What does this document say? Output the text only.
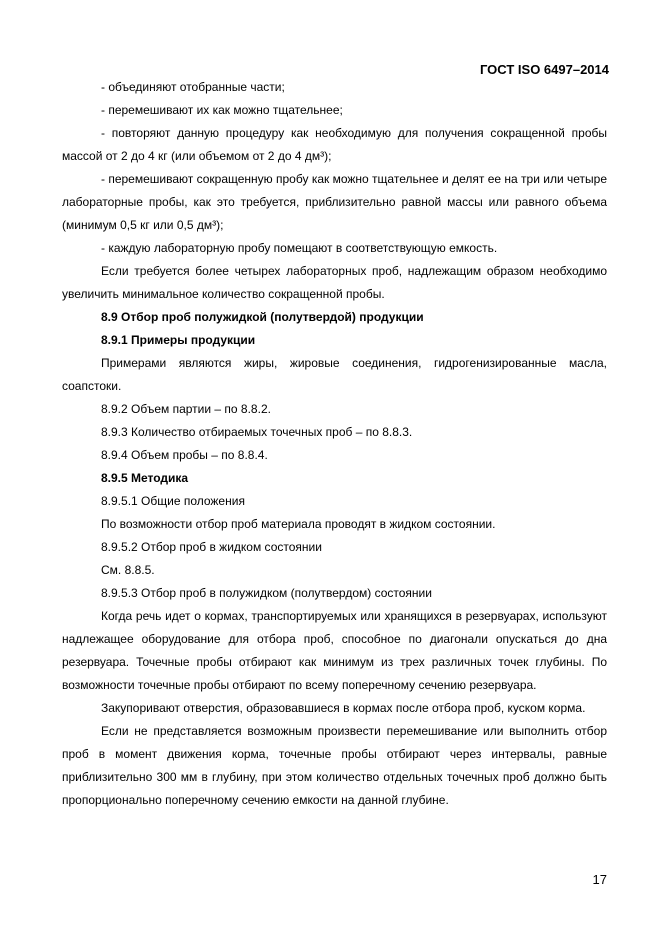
ГОСТ ISO 6497–2014

- объединяют отобранные части;

- перемешивают их как можно тщательнее;

- повторяют данную процедуру как необходимую для получения сокращенной пробы массой от 2 до 4 кг (или объемом от 2 до 4 дм³);

- перемешивают сокращенную пробу как можно тщательнее и делят ее на три или четыре лабораторные пробы, как это требуется, приблизительно равной массы или равного объема (минимум 0,5 кг или 0,5 дм³);

- каждую лабораторную пробу помещают в соответствующую емкость.

Если требуется более четырех лабораторных проб, надлежащим образом необходимо увеличить минимальное количество сокращенной пробы.

8.9 Отбор проб полужидкой (полутвердой) продукции

8.9.1 Примеры продукции

Примерами являются жиры, жировые соединения, гидрогенизированные масла, соапстоки.

8.9.2 Объем партии – по 8.8.2.

8.9.3 Количество отбираемых точечных проб – по 8.8.3.

8.9.4 Объем пробы – по 8.8.4.

8.9.5 Методика

8.9.5.1 Общие положения

По возможности отбор проб материала проводят в жидком состоянии.

8.9.5.2 Отбор проб в жидком состоянии

См. 8.8.5.

8.9.5.3 Отбор проб в полужидком (полутвердом) состоянии

Когда речь идет о кормах, транспортируемых или хранящихся в резервуарах, используют надлежащее оборудование для отбора проб, способное по диагонали опускаться до дна резервуара. Точечные пробы отбирают как минимум из трех различных точек глубины. По возможности точечные пробы отбирают по всему поперечному сечению резервуара.

Закупоривают отверстия, образовавшиеся в кормах после отбора проб, куском корма.

Если не представляется возможным произвести перемешивание или выполнить отбор проб в момент движения корма, точечные пробы отбирают через интервалы, равные приблизительно 300 мм в глубину, при этом количество отдельных точечных проб должно быть пропорционально поперечному сечению емкости на данной глубине.

17
